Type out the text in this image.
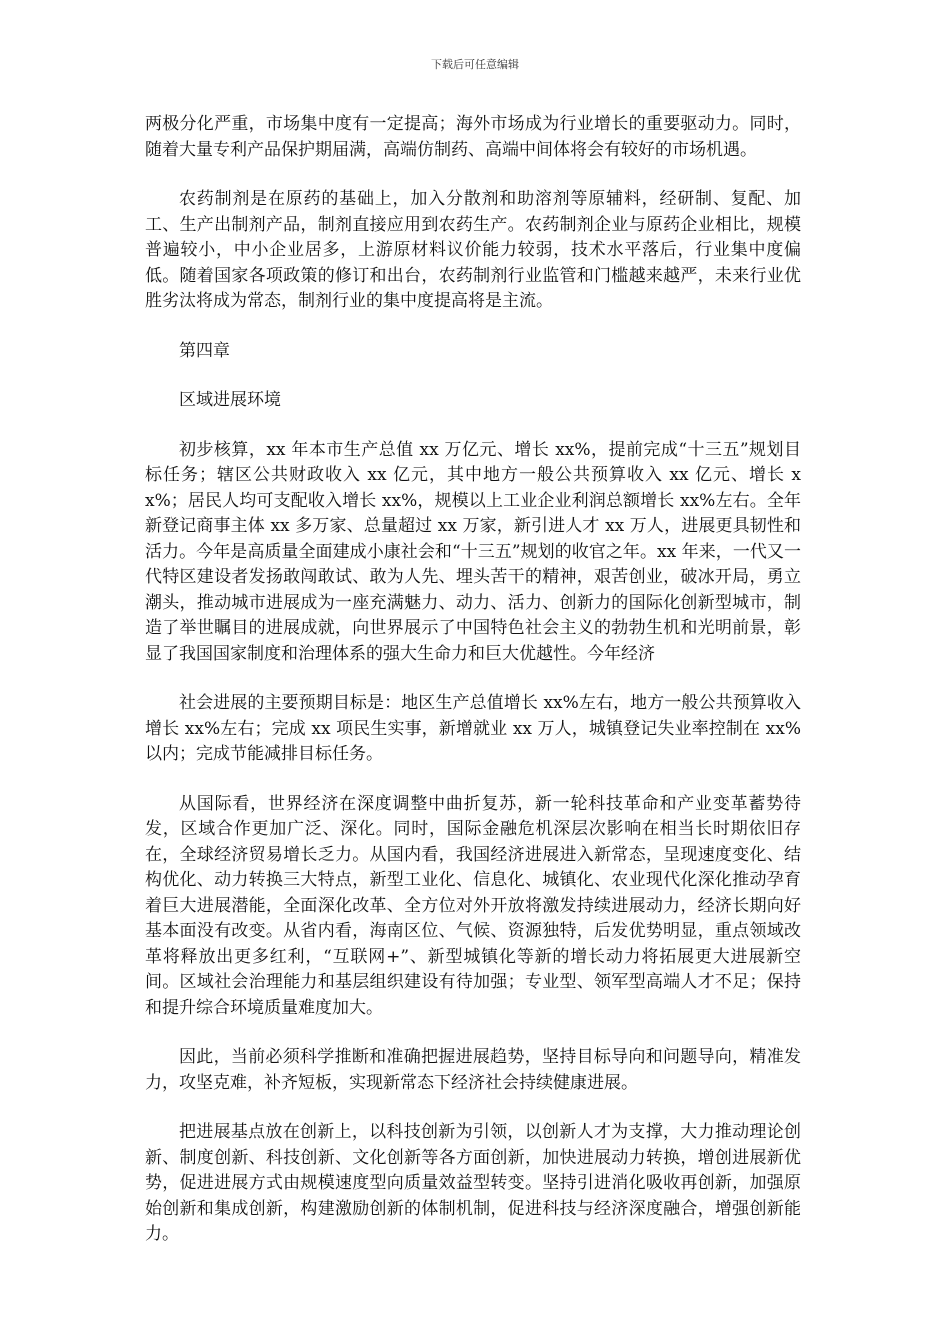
下载后可任意编辑

两极分化严重，市场集中度有一定提高；海外市场成为行业增长的重要驱动力。同时，随着大量专利产品保护期届满，高端仿制药、高端中间体将会有较好的市场机遇。

农药制剂是在原药的基础上，加入分散剂和助溶剂等原辅料，经研制、复配、加工、生产出制剂产品，制剂直接应用到农药生产。农药制剂企业与原药企业相比，规模普遍较小，中小企业居多，上游原材料议价能力较弱，技术水平落后，行业集中度偏低。随着国家各项政策的修订和出台，农药制剂行业监管和门槛越来越严，未来行业优胜劣汰将成为常态，制剂行业的集中度提高将是主流。

第四章

区域进展环境

初步核算，xx 年本市生产总值 xx 万亿元、增长 xx%，提前完成“十三五”规划目标任务；辖区公共财政收入 xx 亿元，其中地方一般公共预算收入 xx 亿元、增长 xx%；居民人均可支配收入增长 xx%，规模以上工业企业利润总额增长 xx%左右。全年新登记商事主体 xx 多万家、总量超过 xx 万家，新引进人才 xx 万人，进展更具韧性和活力。今年是高质量全面建成小康社会和“十三五”规划的收官之年。xx 年来，一代又一代特区建设者发扬敢闯敢试、敢为人先、埋头苦干的精神，艰苦创业，破冰开局，勇立潮头，推动城市进展成为一座充满魅力、动力、活力、创新力的国际化创新型城市，制造了举世瞩目的进展成就，向世界展示了中国特色社会主义的勃勃生机和光明前景，彰显了我国国家制度和治理体系的强大生命力和巨大优越性。今年经济

社会进展的主要预期目标是：地区生产总值增长 xx%左右，地方一般公共预算收入增长 xx%左右；完成 xx 项民生实事，新增就业 xx 万人，城镇登记失业率控制在 xx%以内；完成节能减排目标任务。

从国际看，世界经济在深度调整中曲折复苏，新一轮科技革命和产业变革蓄势待发，区域合作更加广泛、深化。同时，国际金融危机深层次影响在相当长时期依旧存在，全球经济贸易增长乏力。从国内看，我国经济进展进入新常态，呈现速度变化、结构优化、动力转换三大特点，新型工业化、信息化、城镇化、农业现代化深化推动孕育着巨大进展潜能，全面深化改革、全方位对外开放将激发持续进展动力，经济长期向好基本面没有改变。从省内看，海南区位、气候、资源独特，后发优势明显，重点领域改革将释放出更多红利，“互联网+”、新型城镇化等新的增长动力将拓展更大进展新空间。区域社会治理能力和基层组织建设有待加强；专业型、领军型高端人才不足；保持和提升综合环境质量难度加大。

因此，当前必须科学推断和准确把握进展趋势，坚持目标导向和问题导向，精准发力，攻坚克难，补齐短板，实现新常态下经济社会持续健康进展。

把进展基点放在创新上，以科技创新为引领，以创新人才为支撑，大力推动理论创新、制度创新、科技创新、文化创新等各方面创新，加快进展动力转换，增创进展新优势，促进进展方式由规模速度型向质量效益型转变。坚持引进消化吸收再创新，加强原始创新和集成创新，构建激励创新的体制机制，促进科技与经济深度融合，增强创新能力。
